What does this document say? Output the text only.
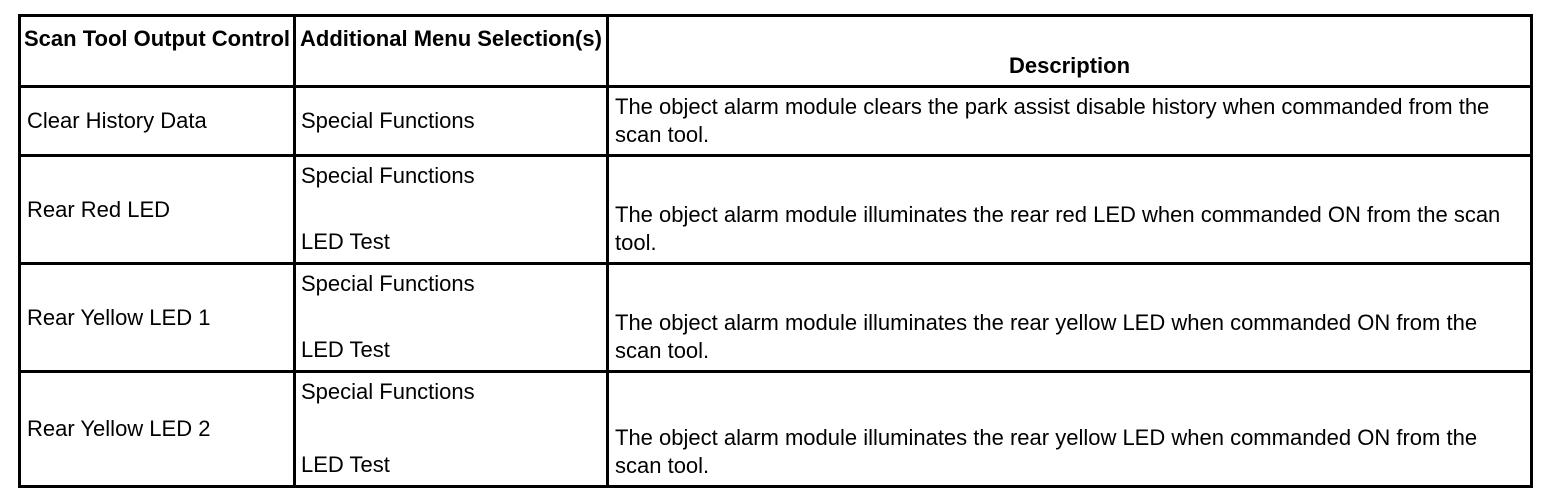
Scan Tool Output Control Additional Menu Selection(s)
Description
Clear History Data	Special Functions
The object alarm module clears the park assist disable history when commanded from the scan tool.
Rear Red LED
Special Functions
LED Test
The object alarm module illuminates the rear red LED when commanded ON from the scan tool.
Rear Yellow LED 1
Special Functions
LED Test
The object alarm module illuminates the rear yellow LED when commanded ON from the scan tool.
Rear Yellow LED 2
Special Functions
LED Test
The object alarm module illuminates the rear yellow LED when commanded ON from the scan tool.
